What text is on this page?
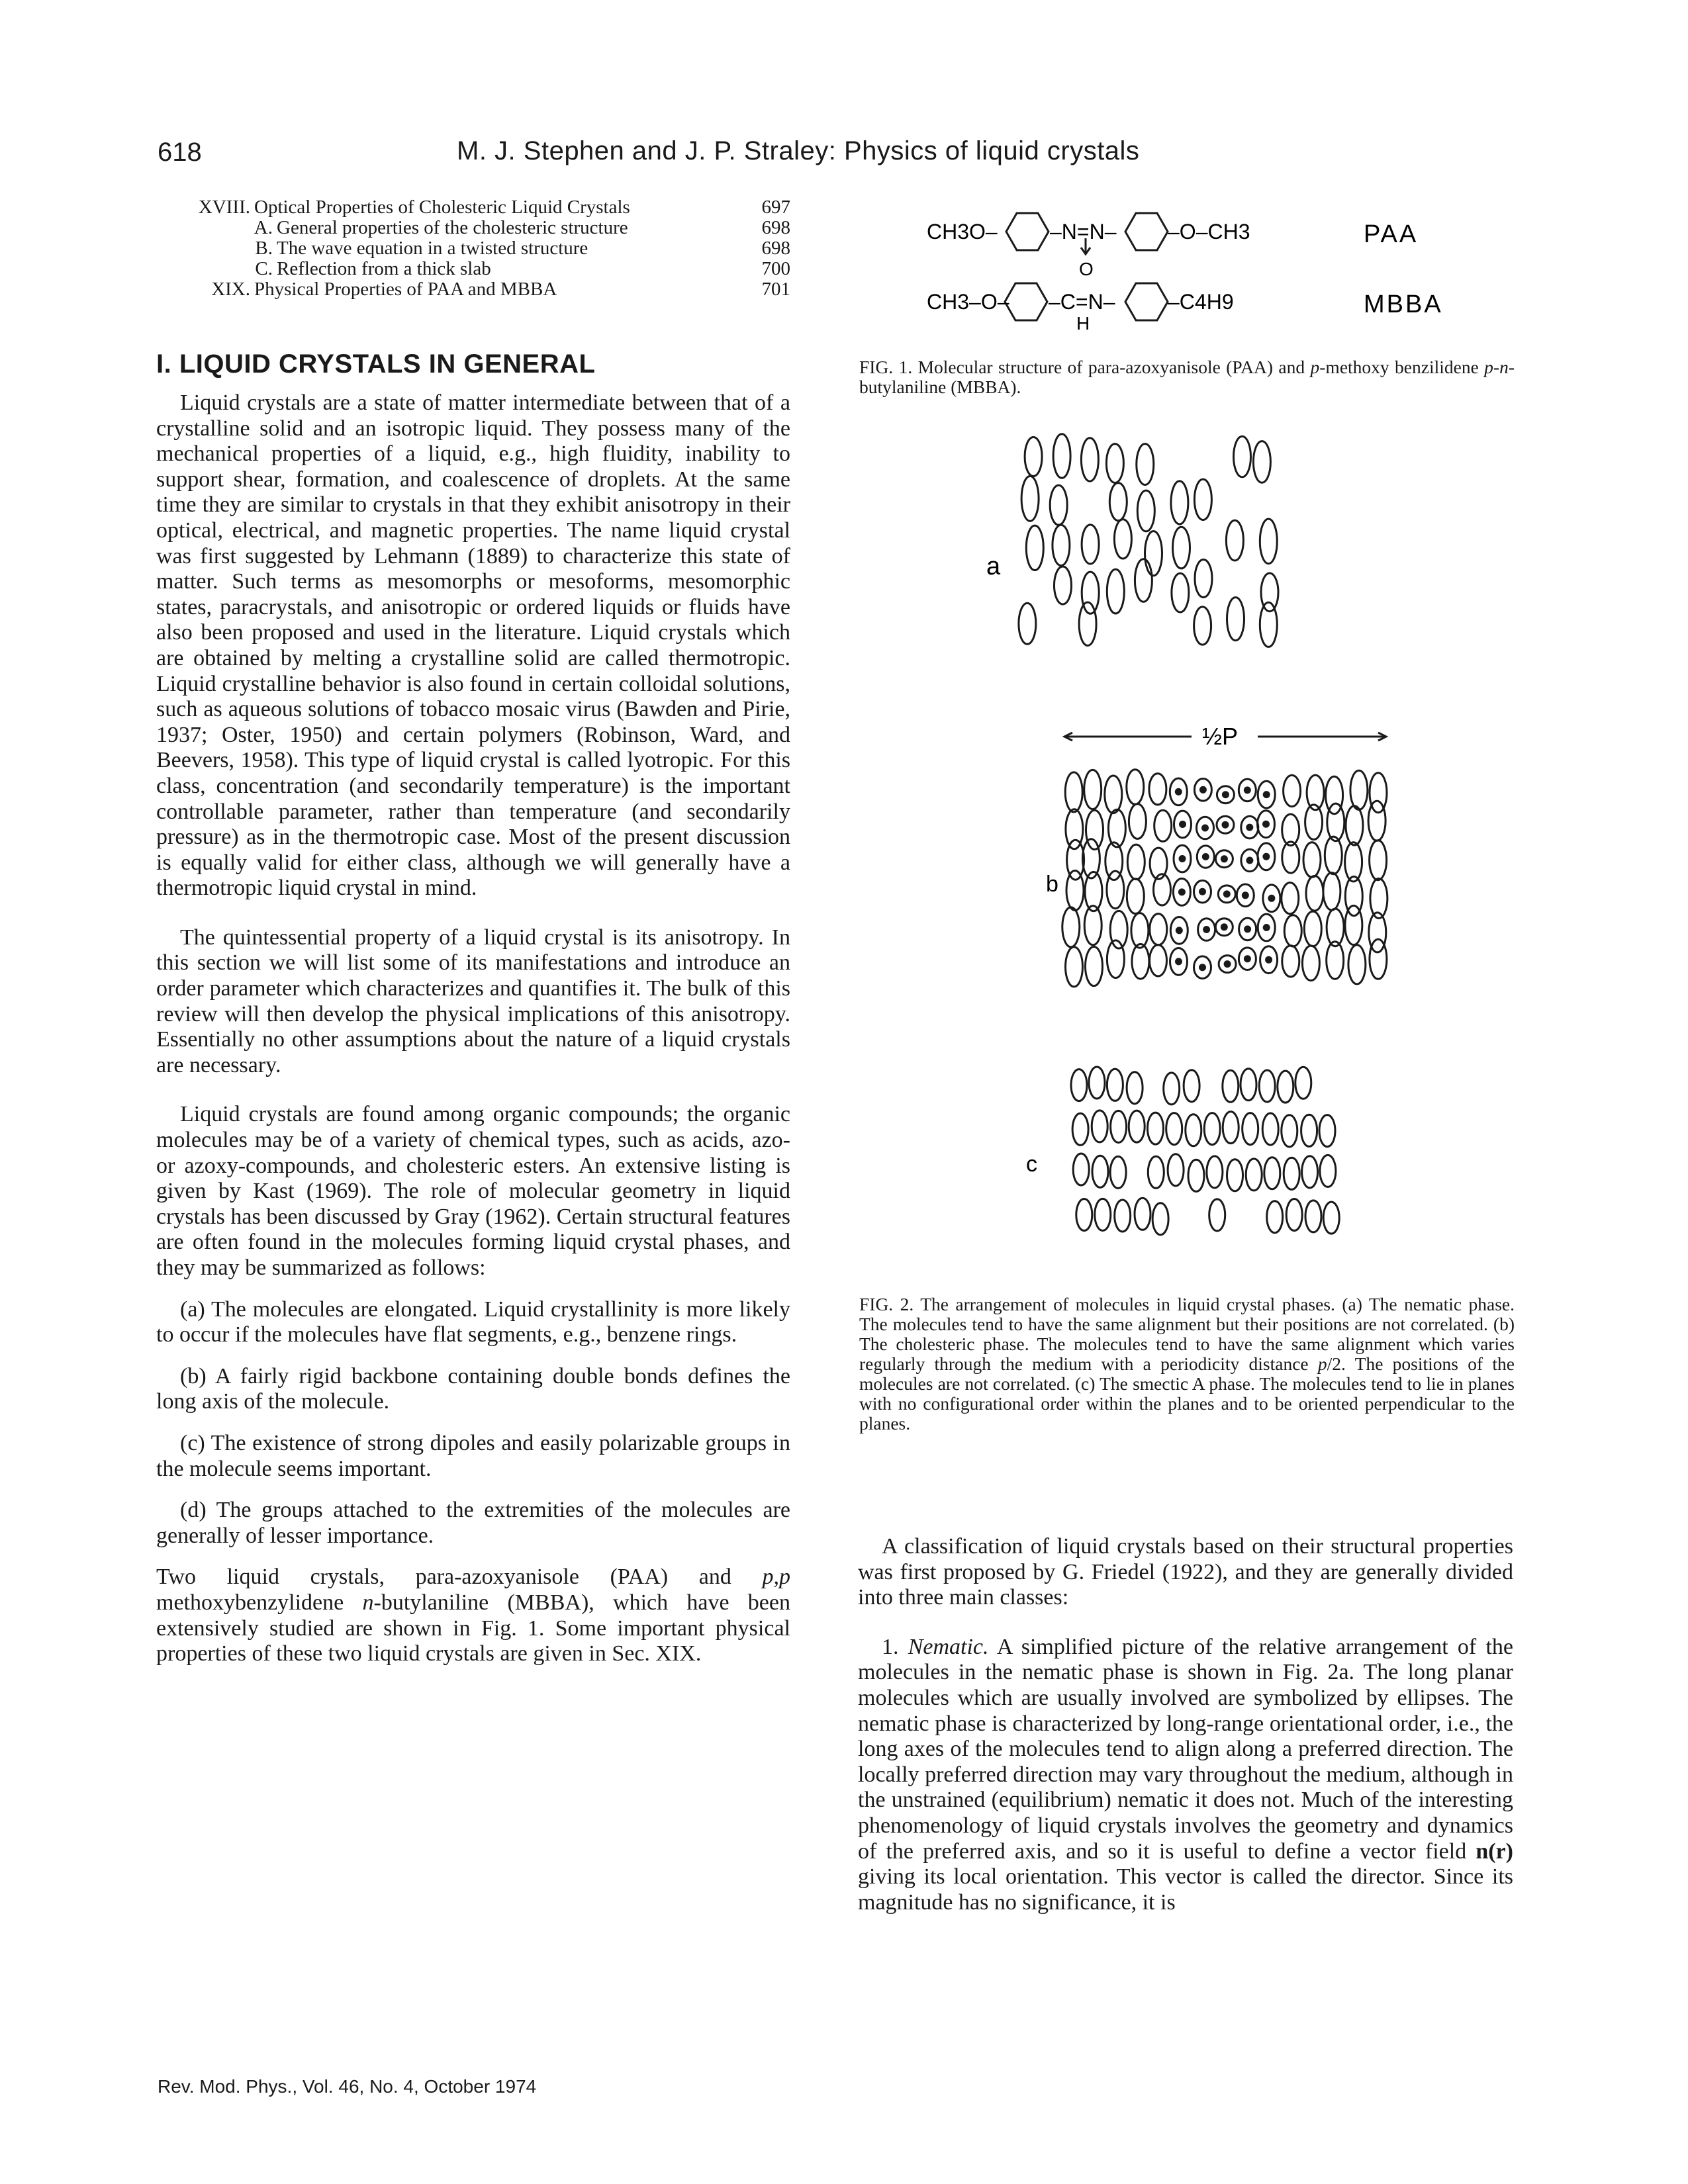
618	M. J. Stephen and J. P. Straley: Physics of liquid crystals
XVIII. Optical Properties of Cholesteric Liquid Crystals	697
A. General properties of the cholesteric structure	698
B. The wave equation in a twisted structure	698
C. Reflection from a thick slab	700
XIX. Physical Properties of PAA and MBBA	701
I. LIQUID CRYSTALS IN GENERAL

Liquid crystals are a state of matter intermediate between that of a crystalline solid and an isotropic liquid. They possess many of the mechanical properties of a liquid, e.g., high fluidity, inability to support shear, formation, and coalescence of droplets. At the same time they are similar to crystals in that they exhibit anisotropy in their optical, electrical, and magnetic properties. The name liquid crystal was first suggested by Lehmann (1889) to characterize this state of matter. Such terms as mesomorphs or mesoforms, mesomorphic states, paracrystals, and anisotropic or ordered liquids or fluids have also been proposed and used in the literature. Liquid crystals which are obtained by melting a crystalline solid are called thermotropic. Liquid crystalline behavior is also found in certain colloidal solutions, such as aqueous solutions of tobacco mosaic virus (Bawden and Pirie, 1937; Oster, 1950) and certain polymers (Robinson, Ward, and Beevers, 1958). This type of liquid crystal is called lyotropic. For this class, concentration (and secondarily temperature) is the important controllable parameter, rather than temperature (and secondarily pressure) as in the thermotropic case. Most of the present discussion is equally valid for either class, although we will generally have a thermotropic liquid crystal in mind.

The quintessential property of a liquid crystal is its anisotropy. In this section we will list some of its manifestations and introduce an order parameter which characterizes and quantifies it. The bulk of this review will then develop the physical implications of this anisotropy. Essentially no other assumptions about the nature of a liquid crystals are necessary.

Liquid crystals are found among organic compounds; the organic molecules may be of a variety of chemical types, such as acids, azo- or azoxy-compounds, and cholesteric esters. An extensive listing is given by Kast (1969). The role of molecular geometry in liquid crystals has been discussed by Gray (1962). Certain structural features are often found in the molecules forming liquid crystal phases, and they may be summarized as follows:

(a) The molecules are elongated. Liquid crystallinity is more likely to occur if the molecules have flat segments, e.g., benzene rings.

(b) A fairly rigid backbone containing double bonds defines the long axis of the molecule.

(c) The existence of strong dipoles and easily polarizable groups in the molecule seems important.

(d) The groups attached to the extremities of the molecules are generally of lesser importance.

Two liquid crystals, para-azoxyanisole (PAA) and p,p methoxybenzylidene n-butylaniline (MBBA), which have been extensively studied are shown in Fig. 1. Some important physical properties of these two liquid crystals are given in Sec. XIX.

CH3O– –N=N–
O
–O–CH3	PAA
CH3–O– –C=N–
H
–C4H9	MBBA
FIG. 1. Molecular structure of para-azoxyanisole (PAA) and p-methoxy benzilidene p-n-butylaniline (MBBA).
a
½P
b
c
FIG. 2. The arrangement of molecules in liquid crystal phases. (a) The nematic phase. The molecules tend to have the same alignment but their positions are not correlated. (b) The cholesteric phase. The molecules tend to have the same alignment which varies regularly through the medium with a periodicity distance p/2. The positions of the molecules are not correlated. (c) The smectic A phase. The molecules tend to lie in planes with no configurational order within the planes and to be oriented perpendicular to the planes.

A classification of liquid crystals based on their structural properties was first proposed by G. Friedel (1922), and they are generally divided into three main classes:

1. Nematic. A simplified picture of the relative arrangement of the molecules in the nematic phase is shown in Fig. 2a. The long planar molecules which are usually involved are symbolized by ellipses. The nematic phase is characterized by long-range orientational order, i.e., the long axes of the molecules tend to align along a preferred direction. The locally preferred direction may vary throughout the medium, although in the unstrained (equilibrium) nematic it does not. Much of the interesting phenomenology of liquid crystals involves the geometry and dynamics of the preferred axis, and so it is useful to define a vector field n(r) giving its local orientation. This vector is called the director. Since its magnitude has no significance, it is

Rev. Mod. Phys., Vol. 46, No. 4, October 1974
